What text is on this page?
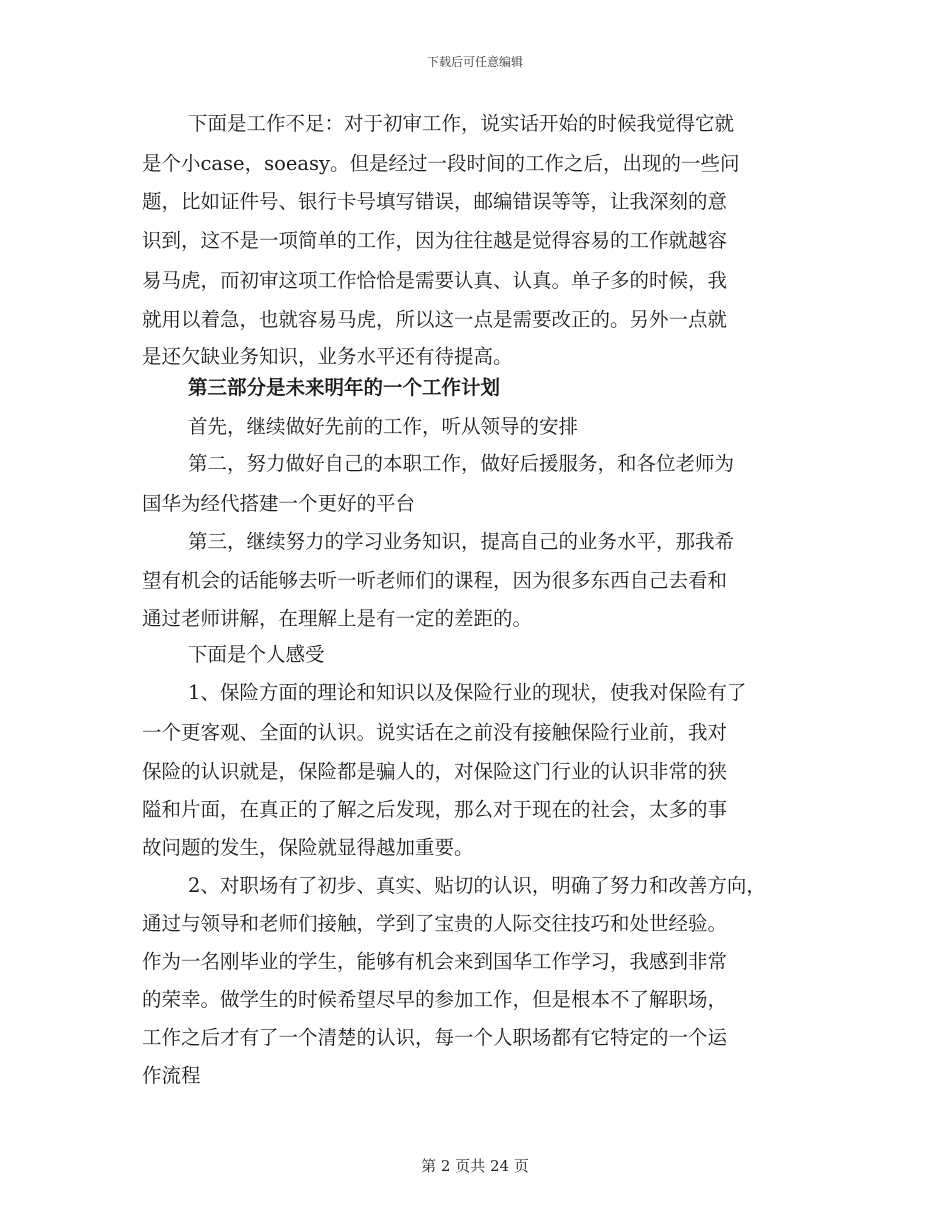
下载后可任意编辑
下面是工作不足：对于初审工作，说实话开始的时候我觉得它就
是个小case，soeasy。但是经过一段时间的工作之后，出现的一些问
题，比如证件号、银行卡号填写错误，邮编错误等等，让我深刻的意
识到，这不是一项简单的工作，因为往往越是觉得容易的工作就越容
易马虎，而初审这项工作恰恰是需要认真、认真。单子多的时候，我
就用以着急，也就容易马虎，所以这一点是需要改正的。另外一点就
是还欠缺业务知识，业务水平还有待提高。
第三部分是未来明年的一个工作计划
首先，继续做好先前的工作，听从领导的安排
第二，努力做好自己的本职工作，做好后援服务，和各位老师为
国华为经代搭建一个更好的平台
第三，继续努力的学习业务知识，提高自己的业务水平，那我希
望有机会的话能够去听一听老师们的课程，因为很多东西自己去看和
通过老师讲解，在理解上是有一定的差距的。
下面是个人感受
1、保险方面的理论和知识以及保险行业的现状，使我对保险有了
一个更客观、全面的认识。说实话在之前没有接触保险行业前，我对
保险的认识就是，保险都是骗人的，对保险这门行业的认识非常的狭
隘和片面，在真正的了解之后发现，那么对于现在的社会，太多的事
故问题的发生，保险就显得越加重要。
2、对职场有了初步、真实、贴切的认识，明确了努力和改善方向，
通过与领导和老师们接触，学到了宝贵的人际交往技巧和处世经验。
作为一名刚毕业的学生，能够有机会来到国华工作学习，我感到非常
的荣幸。做学生的时候希望尽早的参加工作，但是根本不了解职场，
工作之后才有了一个清楚的认识，每一个人职场都有它特定的一个运
作流程
第 2 页共 24 页
